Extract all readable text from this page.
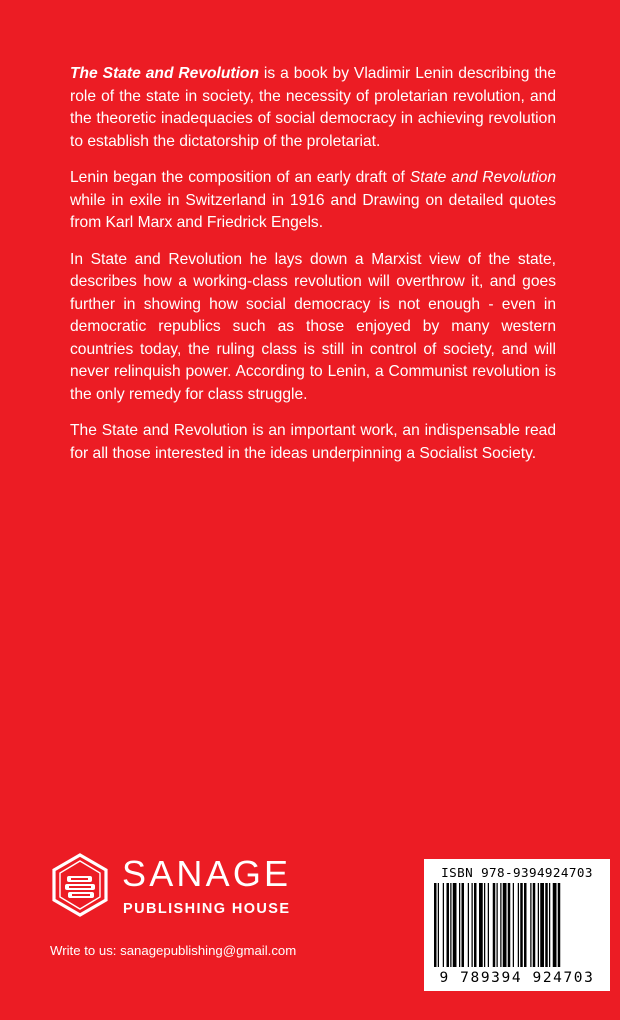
The State and Revolution is a book by Vladimir Lenin describing the role of the state in society, the necessity of proletarian revolution, and the theoretic inadequacies of social democracy in achieving revolution to establish the dictatorship of the proletariat.

Lenin began the composition of an early draft of State and Revolution while in exile in Switzerland in 1916 and Drawing on detailed quotes from Karl Marx and Friedrick Engels.

In State and Revolution he lays down a Marxist view of the state, describes how a working-class revolution will overthrow it, and goes further in showing how social democracy is not enough - even in democratic republics such as those enjoyed by many western countries today, the ruling class is still in control of society, and will never relinquish power. According to Lenin, a Communist revolution is the only remedy for class struggle.

The State and Revolution is an important work, an indispensable read for all those interested in the ideas underpinning a Socialist Society.

SANAGE
PUBLISHING HOUSE
Write to us: sanagepublishing@gmail.com
ISBN 978-9394924703
9 789394 924703
